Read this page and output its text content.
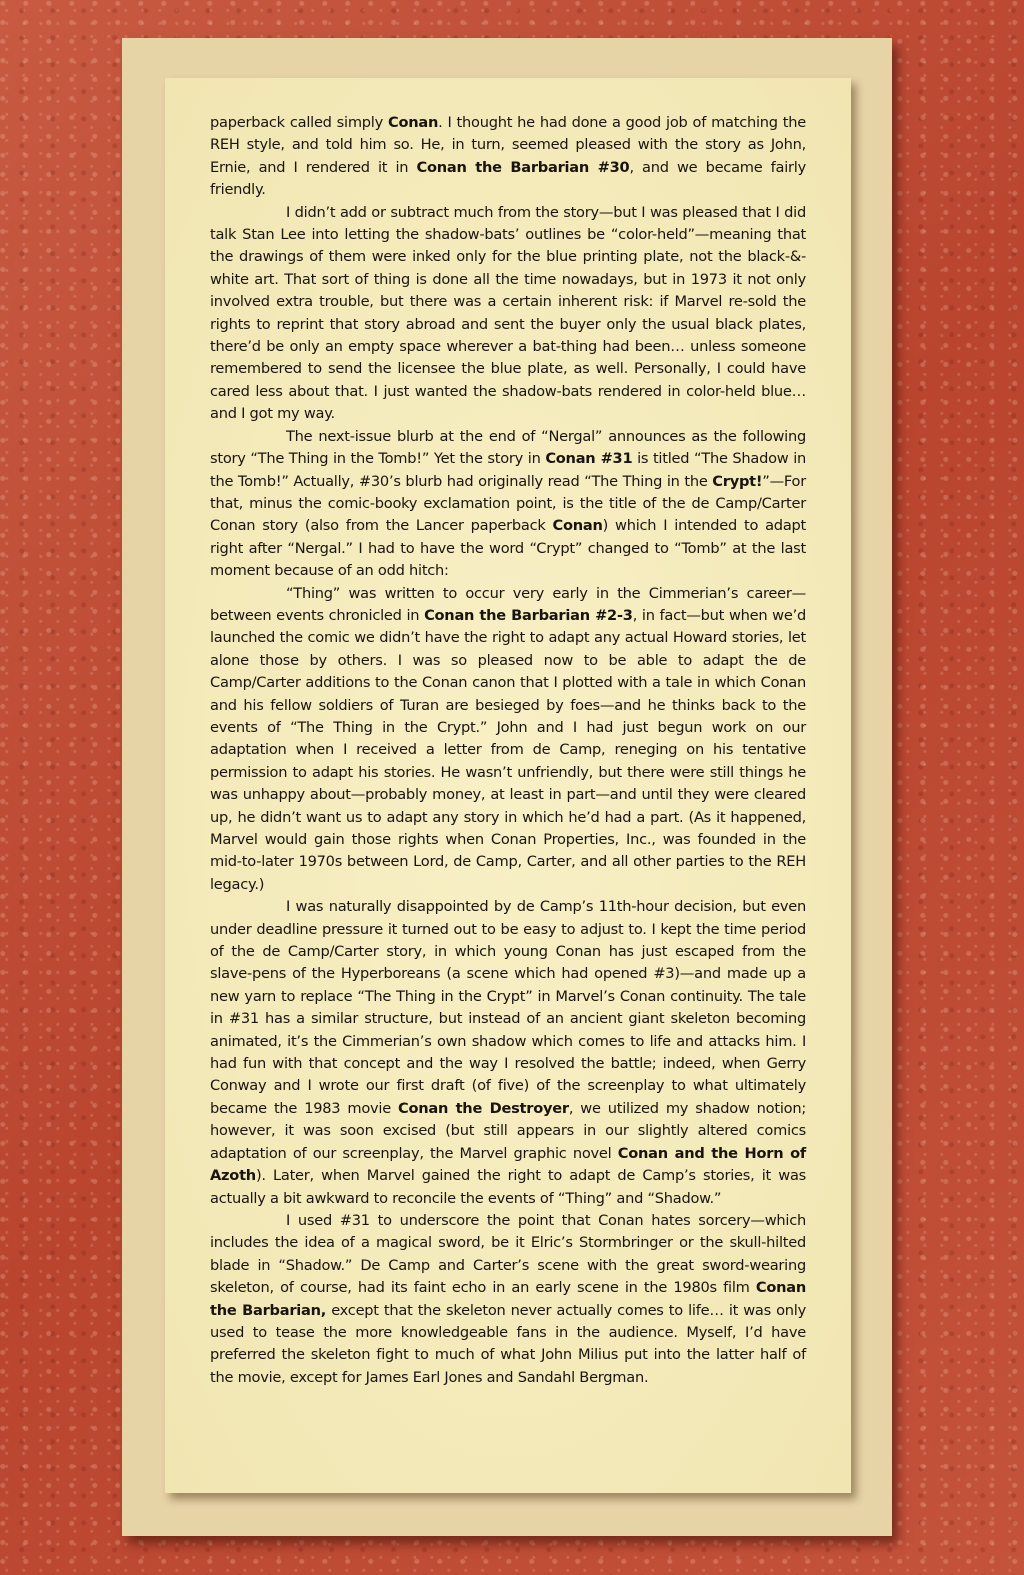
paperback called simply Conan. I thought he had done a good job of matching the REH style, and told him so. He, in turn, seemed pleased with the story as John, Ernie, and I rendered it in Conan the Barbarian #30, and we became fairly friendly.

I didn’t add or subtract much from the story—but I was pleased that I did talk Stan Lee into letting the shadow-bats’ outlines be “color-held”—meaning that the drawings of them were inked only for the blue printing plate, not the black-&-white art. That sort of thing is done all the time nowadays, but in 1973 it not only involved extra trouble, but there was a certain inherent risk: if Marvel re-sold the rights to reprint that story abroad and sent the buyer only the usual black plates, there’d be only an empty space wherever a bat-thing had been… unless someone remembered to send the licensee the blue plate, as well. Personally, I could have cared less about that. I just wanted the shadow-bats rendered in color-held blue… and I got my way.

The next-issue blurb at the end of “Nergal” announces as the following story “The Thing in the Tomb!” Yet the story in Conan #31 is titled “The Shadow in the Tomb!” Actually, #30’s blurb had originally read “The Thing in the Crypt!”—For that, minus the comic-booky exclamation point, is the title of the de Camp/Carter Conan story (also from the Lancer paperback Conan) which I intended to adapt right after “Nergal.” I had to have the word “Crypt” changed to “Tomb” at the last moment because of an odd hitch:

“Thing” was written to occur very early in the Cimmerian’s career—between events chronicled in Conan the Barbarian #2-3, in fact—but when we’d launched the comic we didn’t have the right to adapt any actual Howard stories, let alone those by others. I was so pleased now to be able to adapt the de Camp/Carter additions to the Conan canon that I plotted with a tale in which Conan and his fellow soldiers of Turan are besieged by foes—and he thinks back to the events of “The Thing in the Crypt.” John and I had just begun work on our adaptation when I received a letter from de Camp, reneging on his tentative permission to adapt his stories. He wasn’t unfriendly, but there were still things he was unhappy about—probably money, at least in part—and until they were cleared up, he didn’t want us to adapt any story in which he’d had a part. (As it happened, Marvel would gain those rights when Conan Properties, Inc., was founded in the mid-to-later 1970s between Lord, de Camp, Carter, and all other parties to the REH legacy.)

I was naturally disappointed by de Camp’s 11th-hour decision, but even under deadline pressure it turned out to be easy to adjust to. I kept the time period of the de Camp/Carter story, in which young Conan has just escaped from the slave-pens of the Hyperboreans (a scene which had opened #3)—and made up a new yarn to replace “The Thing in the Crypt” in Marvel’s Conan continuity. The tale in #31 has a similar structure, but instead of an ancient giant skeleton becoming animated, it’s the Cimmerian’s own shadow which comes to life and attacks him. I had fun with that concept and the way I resolved the battle; indeed, when Gerry Conway and I wrote our first draft (of five) of the screenplay to what ultimately became the 1983 movie Conan the Destroyer, we utilized my shadow notion; however, it was soon excised (but still appears in our slightly altered comics adaptation of our screenplay, the Marvel graphic novel Conan and the Horn of Azoth). Later, when Marvel gained the right to adapt de Camp’s stories, it was actually a bit awkward to reconcile the events of “Thing” and “Shadow.”

I used #31 to underscore the point that Conan hates sorcery—which includes the idea of a magical sword, be it Elric’s Stormbringer or the skull-hilted blade in “Shadow.” De Camp and Carter’s scene with the great sword-wearing skeleton, of course, had its faint echo in an early scene in the 1980s film Conan the Barbarian, except that the skeleton never actually comes to life… it was only used to tease the more knowledgeable fans in the audience. Myself, I’d have preferred the skeleton fight to much of what John Milius put into the latter half of the movie, except for James Earl Jones and Sandahl Bergman.
